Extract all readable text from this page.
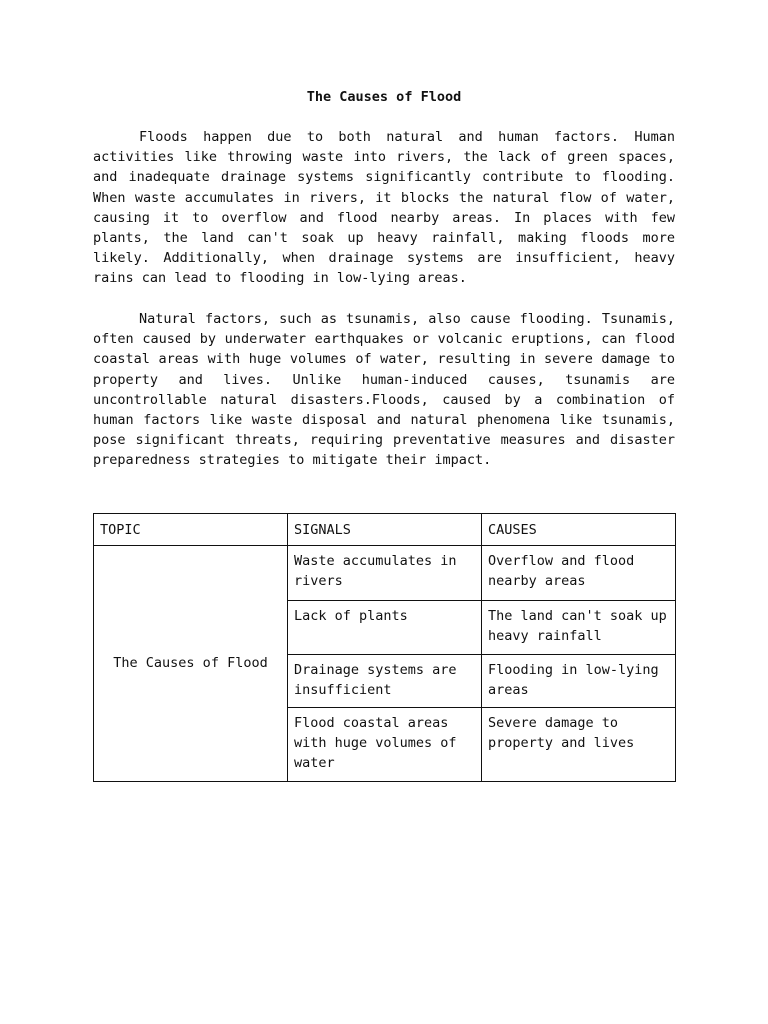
The Causes of Flood

Floods happen due to both natural and human factors. Human activities like throwing waste into rivers, the lack of green spaces, and inadequate drainage systems significantly contribute to flooding. When waste accumulates in rivers, it blocks the natural flow of water, causing it to overflow and flood nearby areas. In places with few plants, the land can't soak up heavy rainfall, making floods more likely. Additionally, when drainage systems are insufficient, heavy rains can lead to flooding in low-lying areas.

Natural factors, such as tsunamis, also cause flooding. Tsunamis, often caused by underwater earthquakes or volcanic eruptions, can flood coastal areas with huge volumes of water, resulting in severe damage to property and lives. Unlike human-induced causes, tsunamis are uncontrollable natural disasters.Floods, caused by a combination of human factors like waste disposal and natural phenomena like tsunamis, pose significant threats, requiring preventative measures and disaster preparedness strategies to mitigate their impact.

TOPIC	SIGNALS	CAUSES
The Causes of Flood	Waste accumulates in rivers	Overflow and flood nearby areas
	Lack of plants	The land can't soak up heavy rainfall
	Drainage systems are insufficient	Flooding in low-lying areas
	Flood coastal areas with huge volumes of water	Severe damage to property and lives
